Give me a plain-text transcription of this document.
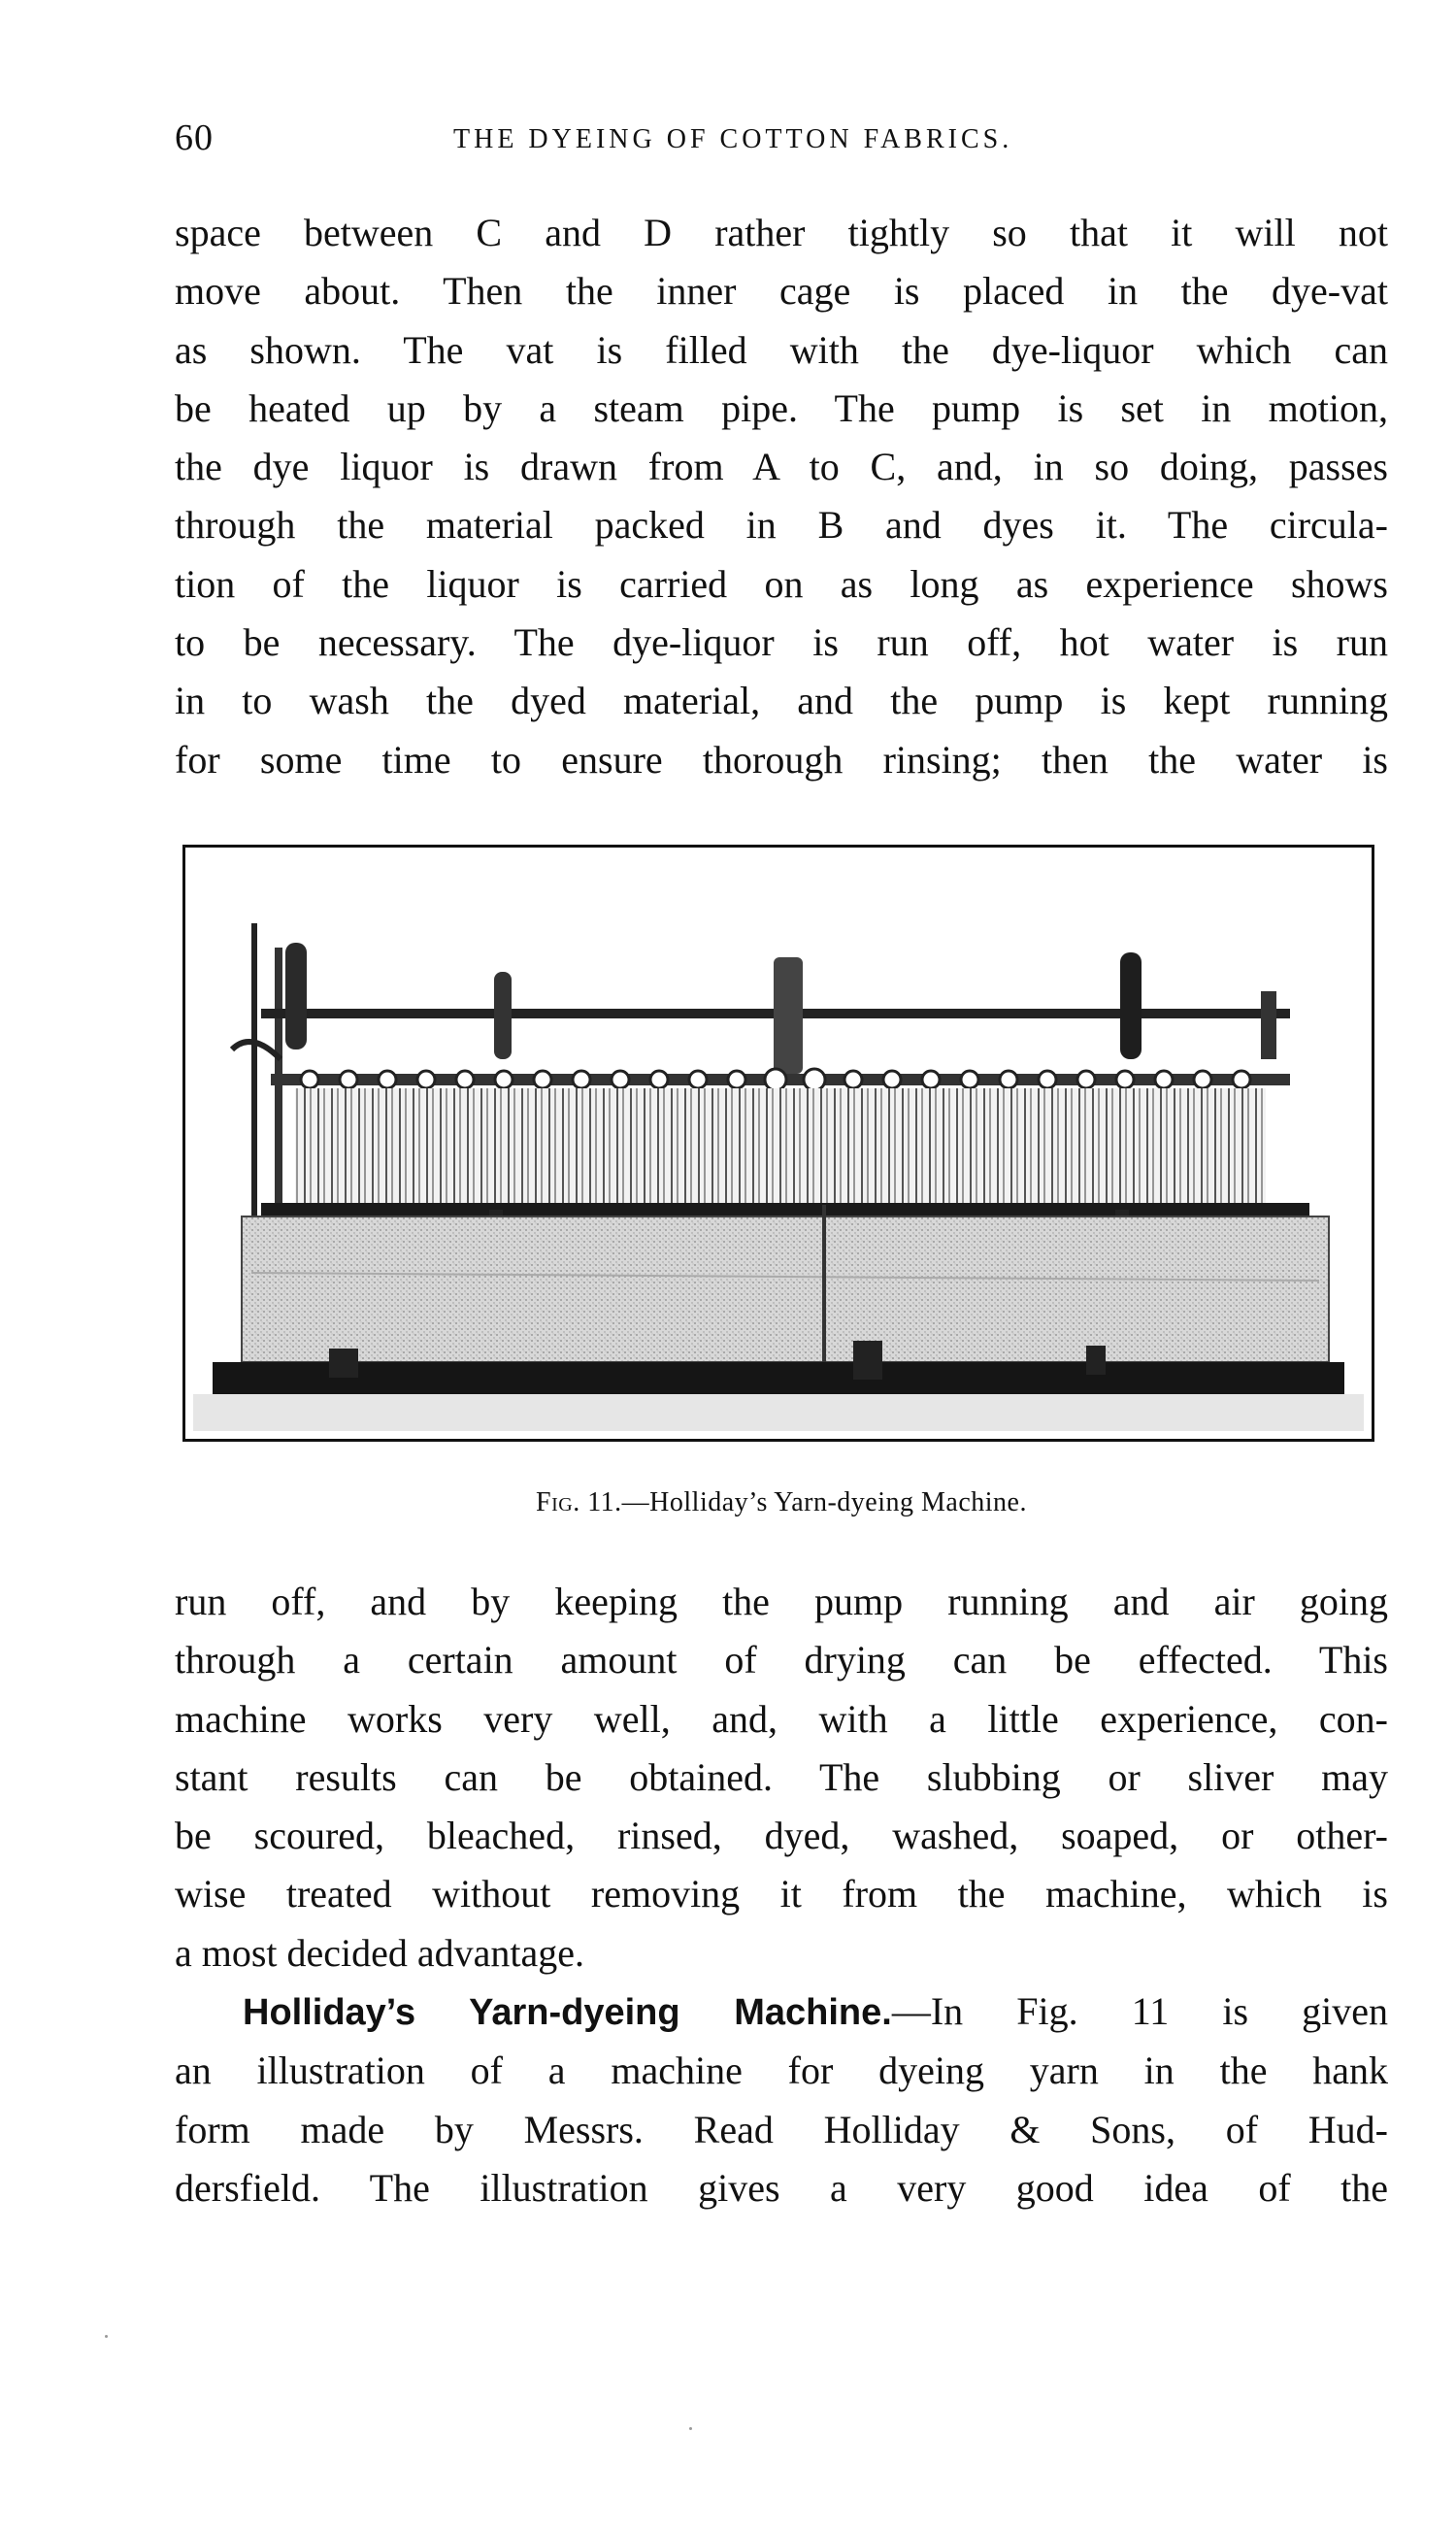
60	THE DYEING OF COTTON FABRICS.

space between C and D rather tightly so that it will not

move about. Then the inner cage is placed in the dye-vat

as shown. The vat is filled with the dye-liquor which can

be heated up by a steam pipe. The pump is set in motion,

the dye liquor is drawn from A to C, and, in so doing, passes

through the material packed in B and dyes it. The circula-

tion of the liquor is carried on as long as experience shows

to be necessary. The dye-liquor is run off, hot water is run

in to wash the dyed material, and the pump is kept running

for some time to ensure thorough rinsing; then the water is

Fig. 11.—Holliday’s Yarn-dyeing Machine.

run off, and by keeping the pump running and air going

through a certain amount of drying can be effected. This

machine works very well, and, with a little experience, con-

stant results can be obtained. The slubbing or sliver may

be scoured, bleached, rinsed, dyed, washed, soaped, or other-

wise treated without removing it from the machine, which is

a most decided advantage.

Holliday’s Yarn-dyeing Machine.—In Fig. 11 is given

an illustration of a machine for dyeing yarn in the hank

form made by Messrs. Read Holliday & Sons, of Hud-

dersfield. The illustration gives a very good idea of the
